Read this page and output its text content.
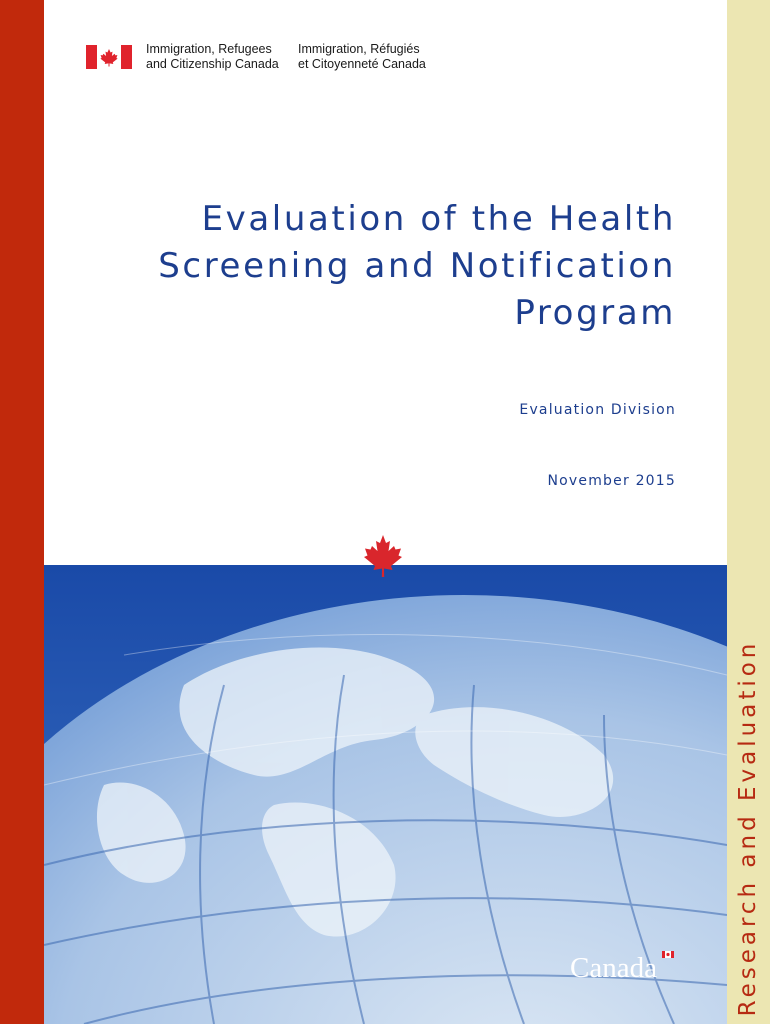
Research and Evaluation
Immigration, Refugees
and Citizenship Canada
Immigration, Réfugiés
et Citoyenneté Canada
Evaluation of the Health
Screening and Notification
Program
Evaluation Division
November 2015
Canada
